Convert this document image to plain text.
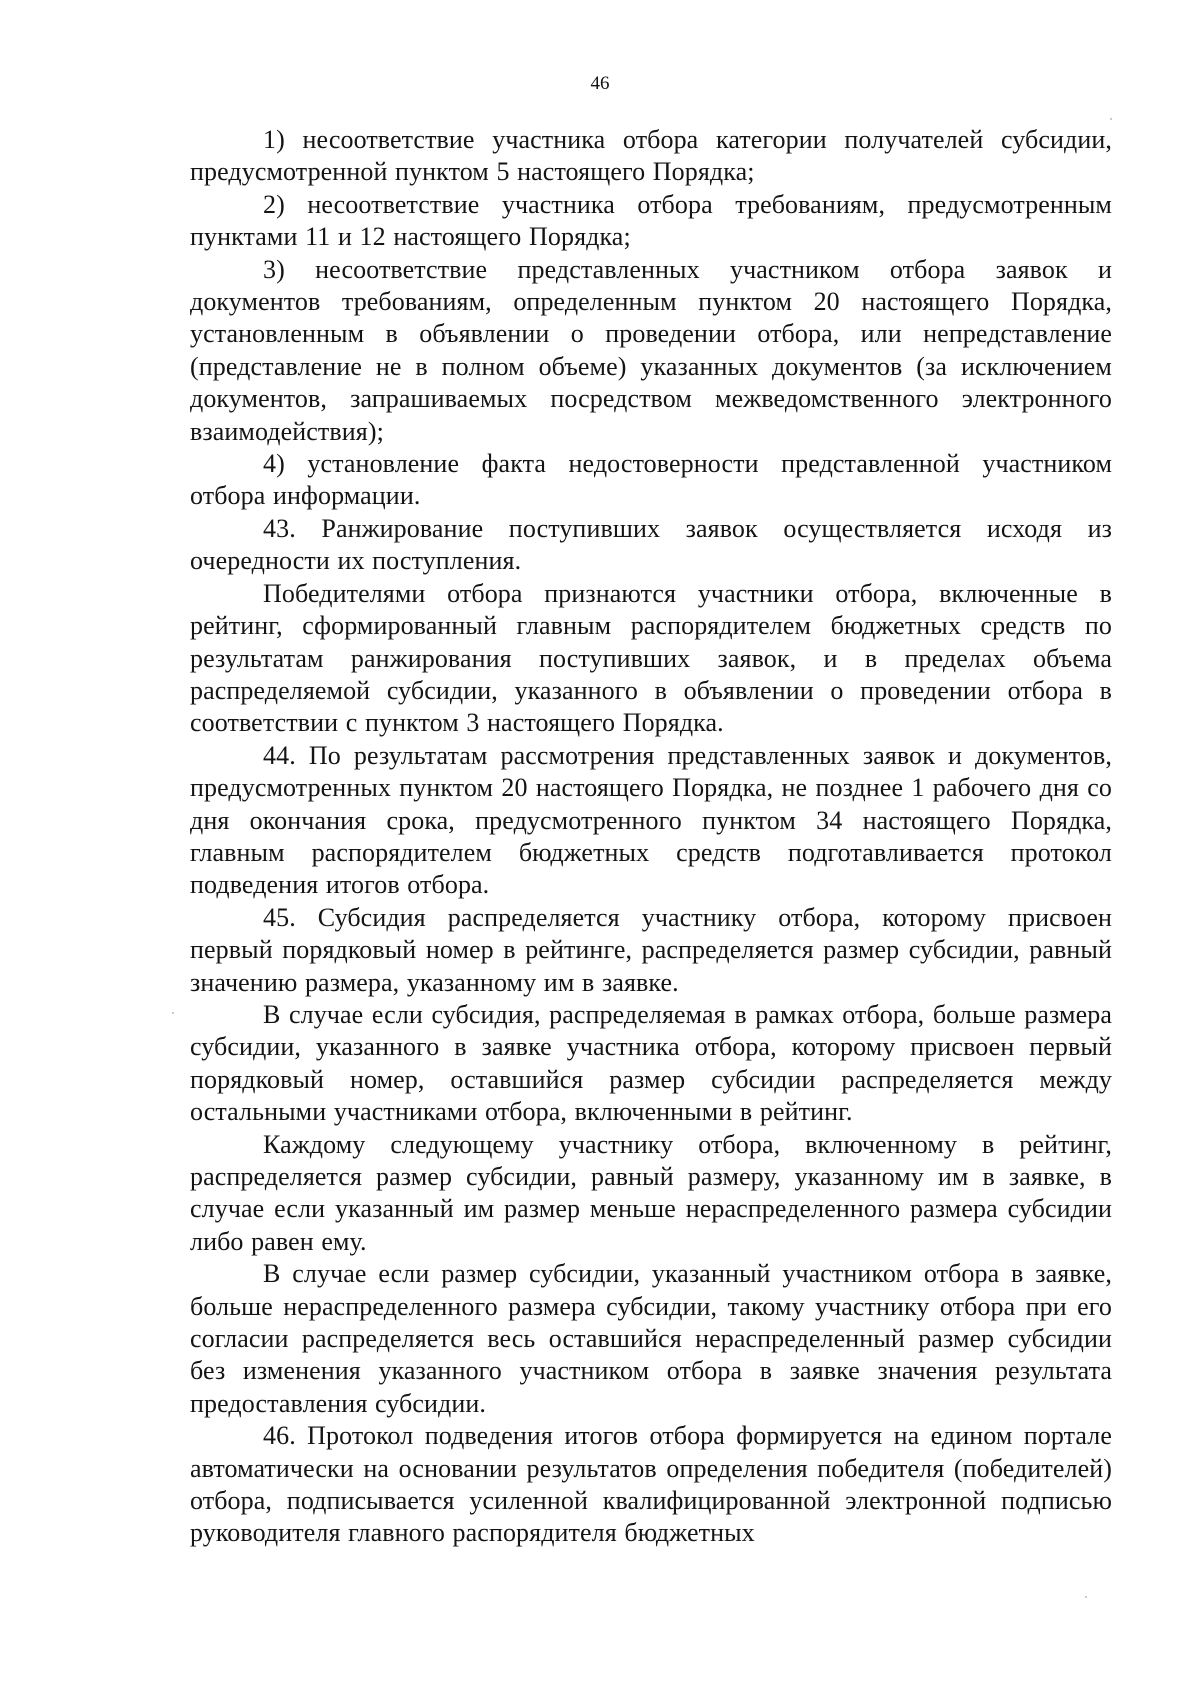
46

1) несоответствие участника отбора категории получателей субсидии, предусмотренной пунктом 5 настоящего Порядка;

2) несоответствие участника отбора требованиям, предусмотренным пунктами 11 и 12 настоящего Порядка;

3) несоответствие представленных участником отбора заявок и документов требованиям, определенным пунктом 20 настоящего Порядка, установленным в объявлении о проведении отбора, или непредставление (представление не в полном объеме) указанных документов (за исключением документов, запрашиваемых посредством межведомственного электронного взаимодействия);

4) установление факта недостоверности представленной участником отбора информации.

43. Ранжирование поступивших заявок осуществляется исходя из очередности их поступления.

Победителями отбора признаются участники отбора, включенные в рейтинг, сформированный главным распорядителем бюджетных средств по результатам ранжирования поступивших заявок, и в пределах объема распределяемой субсидии, указанного в объявлении о проведении отбора в соответствии с пунктом 3 настоящего Порядка.

44. По результатам рассмотрения представленных заявок и документов, предусмотренных пунктом 20 настоящего Порядка, не позднее 1 рабочего дня со дня окончания срока, предусмотренного пунктом 34 настоящего Порядка, главным распорядителем бюджетных средств подготавливается протокол подведения итогов отбора.

45. Субсидия распределяется участнику отбора, которому присвоен первый порядковый номер в рейтинге, распределяется размер субсидии, равный значению размера, указанному им в заявке.

В случае если субсидия, распределяемая в рамках отбора, больше размера субсидии, указанного в заявке участника отбора, которому присвоен первый порядковый номер, оставшийся размер субсидии распределяется между остальными участниками отбора, включенными в рейтинг.

Каждому следующему участнику отбора, включенному в рейтинг, распределяется размер субсидии, равный размеру, указанному им в заявке, в случае если указанный им размер меньше нераспределенного размера субсидии либо равен ему.

В случае если размер субсидии, указанный участником отбора в заявке, больше нераспределенного размера субсидии, такому участнику отбора при его согласии распределяется весь оставшийся нераспределенный размер субсидии без изменения указанного участником отбора в заявке значения результата предоставления субсидии.

46. Протокол подведения итогов отбора формируется на едином портале автоматически на основании результатов определения победителя (победителей) отбора, подписывается усиленной квалифицированной электронной подписью руководителя главного распорядителя бюджетных
